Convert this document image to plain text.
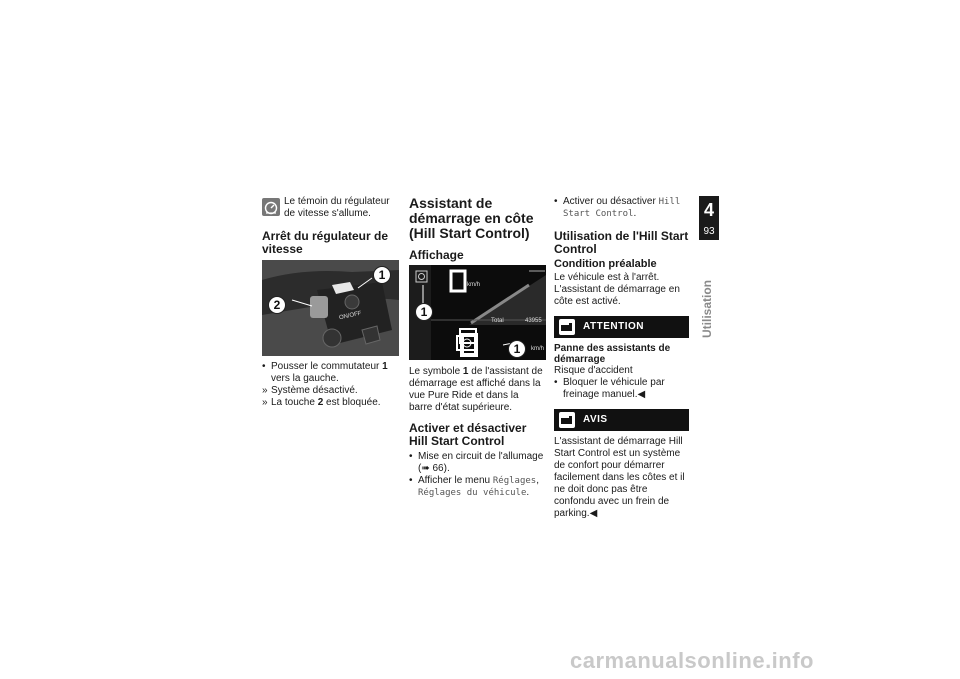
Le témoin du régulateur de vitesse s'allume.

Arrêt du régulateur de vitesse
ON/OFF
1
2
• Pousser le commutateur 1 vers la gauche.
» Système désactivé.
» La touche 2 est bloquée.
Assistant de démarrage en côte (Hill Start Control)
Affichage
km/h
Total	43955
km/h
1
1

Le symbole 1 de l'assistant de démarrage est affiché dans la vue Pure Ride et dans la barre d'état supérieure.

Activer et désactiver Hill Start Control
• Mise en circuit de l'allumage
(➠ 66).
• Afficher le menu Réglages,
Réglages du véhicule.
• Activer ou désactiver Hill Start Control.
Utilisation de l'Hill Start Control
Condition préalable

Le véhicule est à l'arrêt. L'assistant de démarrage en côte est activé.

ATTENTION
Panne des assistants de démarrage

Risque d'accident

• Bloquer le véhicule par freinage manuel.◀
AVIS

L'assistant de démarrage Hill Start Control est un système de confort pour démarrer facilement dans les côtes et il ne doit donc pas être confondu avec un frein de parking.◀

4
93
Utilisation
carmanualsonline.info
